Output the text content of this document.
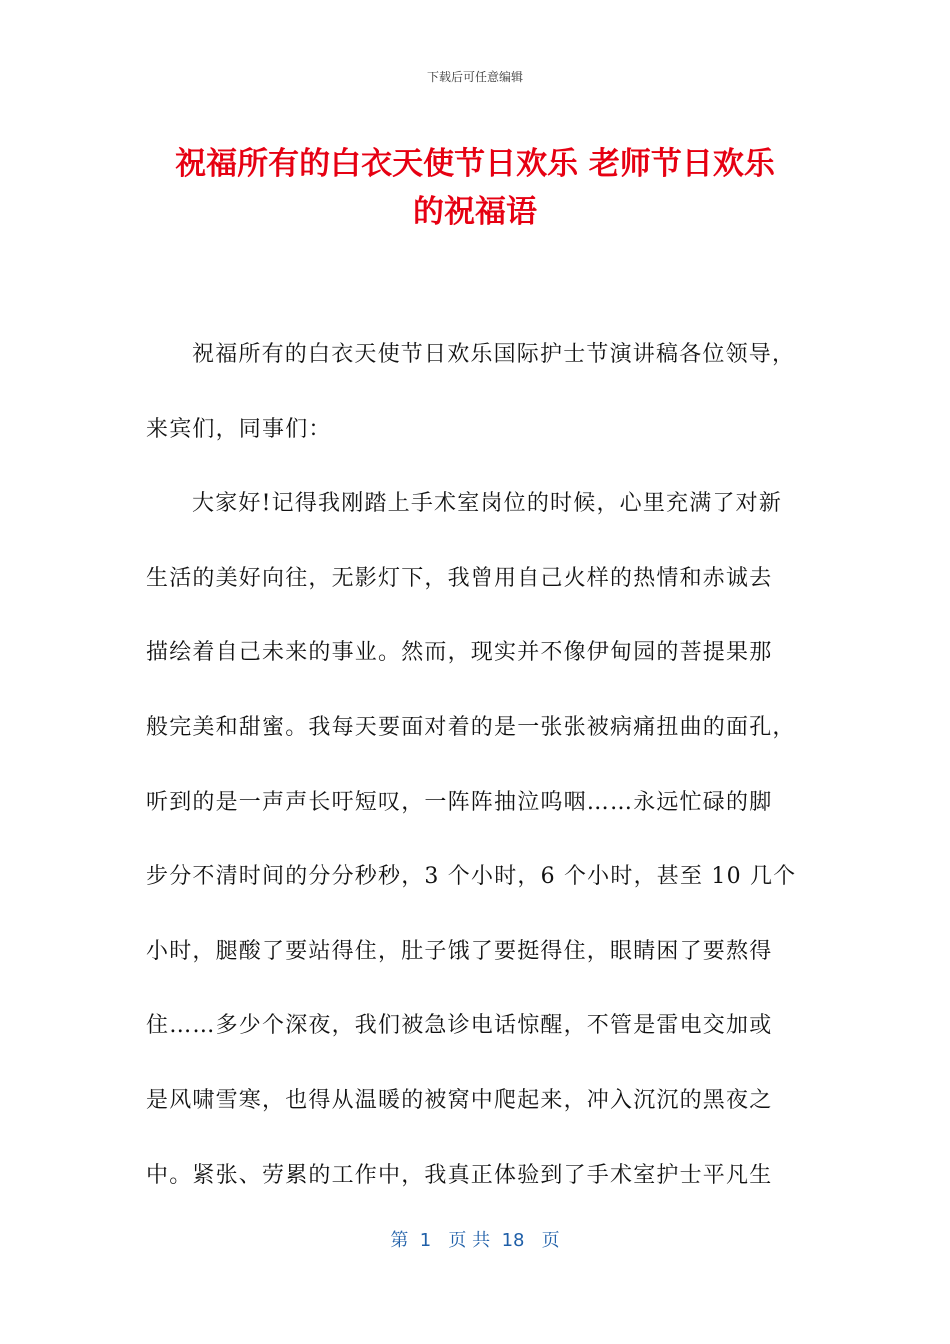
下载后可任意编辑
祝福所有的白衣天使节日欢乐 老师节日欢乐
的祝福语

祝福所有的白衣天使节日欢乐国际护士节演讲稿各位领导，
来宾们，同事们：

大家好!记得我刚踏上手术室岗位的时候，心里充满了对新
生活的美好向往，无影灯下，我曾用自己火样的热情和赤诚去
描绘着自己未来的事业。然而，现实并不像伊甸园的菩提果那
般完美和甜蜜。我每天要面对着的是一张张被病痛扭曲的面孔，
听到的是一声声长吁短叹，一阵阵抽泣呜咽……永远忙碌的脚
步分不清时间的分分秒秒，3 个小时，6 个小时，甚至 10 几个
小时，腿酸了要站得住，肚子饿了要挺得住，眼睛困了要熬得
住……多少个深夜，我们被急诊电话惊醒，不管是雷电交加或
是风啸雪寒，也得从温暖的被窝中爬起来，冲入沉沉的黑夜之
中。紧张、劳累的工作中，我真正体验到了手术室护士平凡生

第  1   页 共  18   页
